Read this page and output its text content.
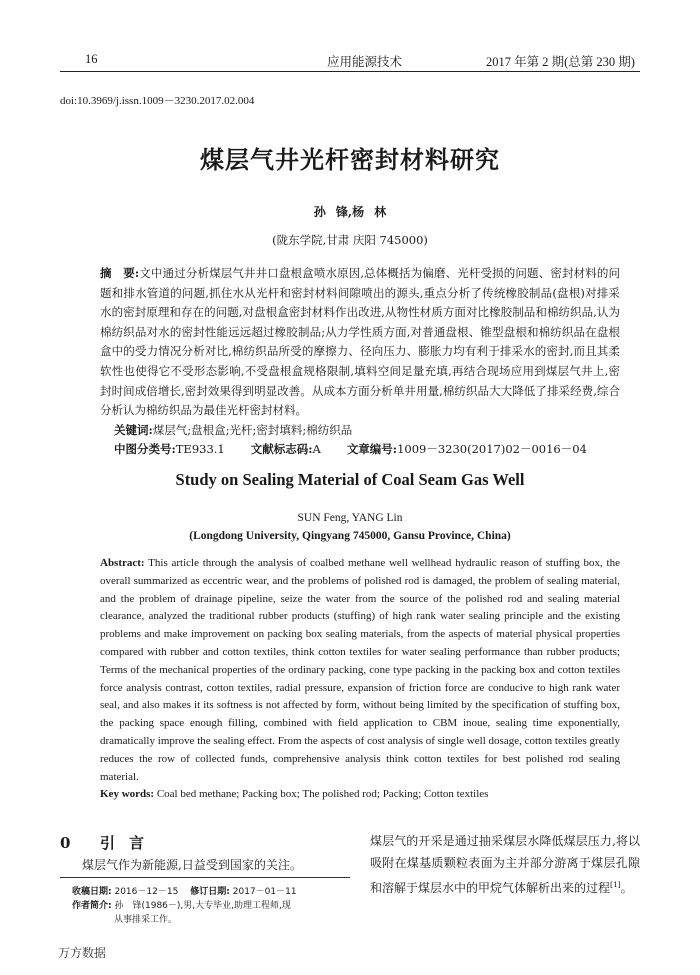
16	应用能源技术	2017 年第 2 期(总第 230 期)
doi:10.3969/j.issn.1009－3230.2017.02.004
煤层气井光杆密封材料研究
孙 锋,杨 林
(陇东学院,甘肃 庆阳 745000)
摘　要:文中通过分析煤层气井井口盘根盒喷水原因,总体概括为偏磨、光杆受损的问题、密封材料的问题和排水管道的问题,抓住水从光杆和密封材料间隙喷出的源头,重点分析了传统橡胶制品(盘根)对排采水的密封原理和存在的问题,对盘根盒密封材料作出改进,从物性材质方面对比橡胶制品和棉纺织品,认为棉纺织品对水的密封性能远远超过橡胶制品;从力学性质方面,对普通盘根、锥型盘根和棉纺织品在盘根盒中的受力情况分析对比,棉纺织品所受的摩擦力、径向压力、膨胀力均有利于排采水的密封,而且其柔软性也使得它不受形态影响,不受盘根盒规格限制,填料空间足量充填,再结合现场应用到煤层气井上,密封时间成倍增长,密封效果得到明显改善。从成本方面分析单井用量,棉纺织品大大降低了排采经费,综合分析认为棉纺织品为最佳光杆密封材料。
关键词:煤层气;盘根盒;光杆;密封填料;棉纺织品
中图分类号:TE933.1 文献标志码:A 文章编号:1009－3230(2017)02－0016－04
Study on Sealing Material of Coal Seam Gas Well
SUN Feng, YANG Lin
(Longdong University, Qingyang 745000, Gansu Province, China)
Abstract: This article through the analysis of coalbed methane well wellhead hydraulic reason of stuffing box, the overall summarized as eccentric wear, and the problems of polished rod is damaged, the problem of sealing material, and the problem of drainage pipeline, seize the water from the source of the polished rod and sealing material clearance, analyzed the traditional rubber products (stuffing) of high rank water sealing principle and the existing problems and make improvement on packing box sealing materials, from the aspects of material physical properties compared with rubber and cotton textiles, think cotton textiles for water sealing performance than rubber products; Terms of the mechanical properties of the ordinary packing, cone type packing in the packing box and cotton textiles force analysis contrast, cotton textiles, radial pressure, expansion of friction force are conducive to high rank water seal, and also makes it its softness is not affected by form, without being limited by the specification of stuffing box, the packing space enough filling, combined with field application to CBM inoue, sealing time exponentially, dramatically improve the sealing effect. From the aspects of cost analysis of single well dosage, cotton textiles greatly reduces the row of collected funds, comprehensive analysis think cotton textiles for best polished rod sealing material.
Key words: Coal bed methane; Packing box; The polished rod; Packing; Cotton textiles
0 引言
煤层气作为新能源,日益受到国家的关注。
收稿日期: 2016－12－15 修订日期: 2017－01－11
作者简介: 孙　锋(1986－),男,大专毕业,助理工程师,现
从事排采工作。
煤层气的开采是通过抽采煤层水降低煤层压力,将以吸附在煤基质颗粒表面为主并部分游离于煤层孔隙和溶解于煤层水中的甲烷气体解析出来的过程[1]。
万方数据
